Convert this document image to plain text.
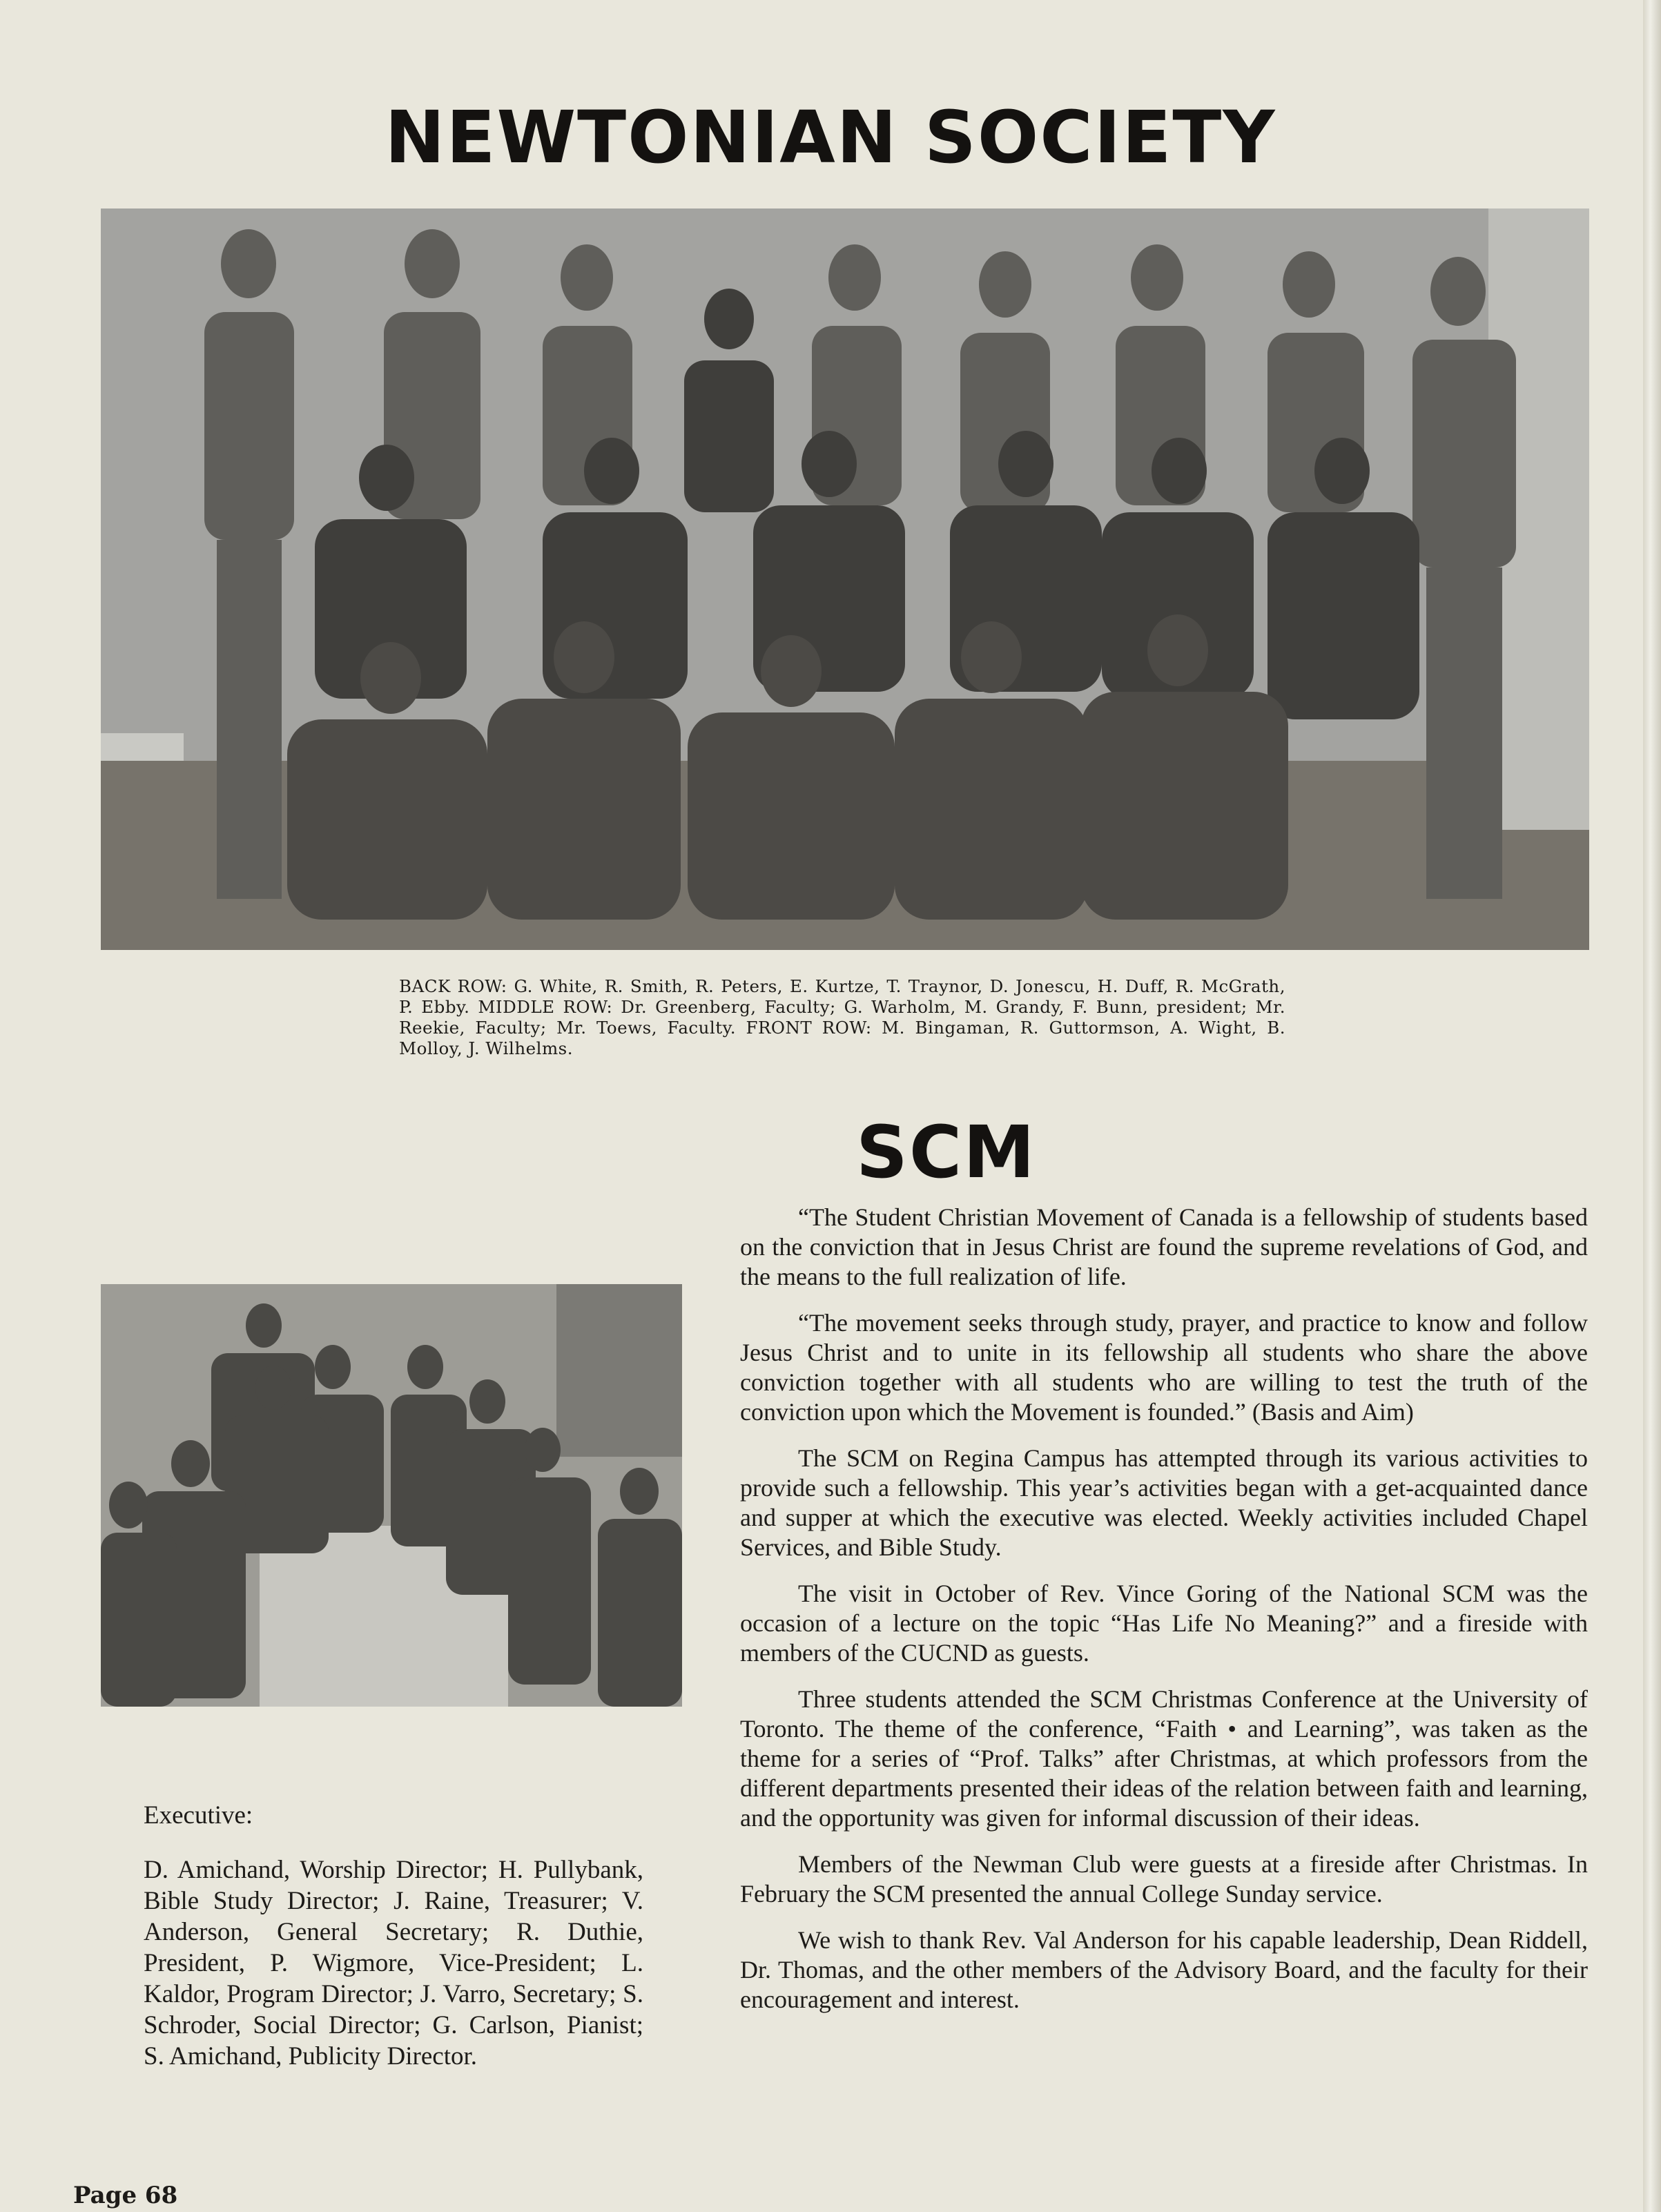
NEWTONIAN SOCIETY

BACK ROW: G. White, R. Smith, R. Peters, E. Kurtze, T. Traynor, D. Jonescu, H. Duff, R. McGrath, P. Ebby. MIDDLE ROW: Dr. Greenberg, Faculty; G. Warholm, M. Grandy, F. Bunn, president; Mr. Reekie, Faculty; Mr. Toews, Faculty. FRONT ROW: M. Bingaman, R. Guttormson, A. Wight, B. Molloy, J. Wilhelms.

SCM

“The Student Christian Movement of Canada is a fellowship of students based on the conviction that in Jesus Christ are found the supreme revelations of God, and the means to the full realization of life.

“The movement seeks through study, prayer, and practice to know and follow Jesus Christ and to unite in its fellowship all students who share the above conviction together with all students who are willing to test the truth of the conviction upon which the Movement is founded.” (Basis and Aim)

The SCM on Regina Campus has attempted through its various activities to provide such a fellowship. This year’s activities began with a get-acquainted dance and supper at which the executive was elected. Weekly activities included Chapel Services, and Bible Study.

The visit in October of Rev. Vince Goring of the National SCM was the occasion of a lecture on the topic “Has Life No Meaning?” and a fireside with members of the CUCND as guests.

Three students attended the SCM Christmas Conference at the University of Toronto. The theme of the conference, “Faith • and Learning”, was taken as the theme for a series of “Prof. Talks” after Christmas, at which professors from the different departments presented their ideas of the relation between faith and learning, and the opportunity was given for informal discussion of their ideas.

Members of the Newman Club were guests at a fireside after Christmas. In February the SCM presented the annual College Sunday service.

We wish to thank Rev. Val Anderson for his capable leadership, Dean Riddell, Dr. Thomas, and the other members of the Advisory Board, and the faculty for their encouragement and interest.

Executive:

D. Amichand, Worship Director; H. Pullybank, Bible Study Director; J. Raine, Treasurer; V. Anderson, General Secretary; R. Duthie, President, P. Wigmore, Vice-President; L. Kaldor, Program Director; J. Varro, Secretary; S. Schroder, Social Director; G. Carlson, Pianist; S. Amichand, Publicity Director.

Page 68
